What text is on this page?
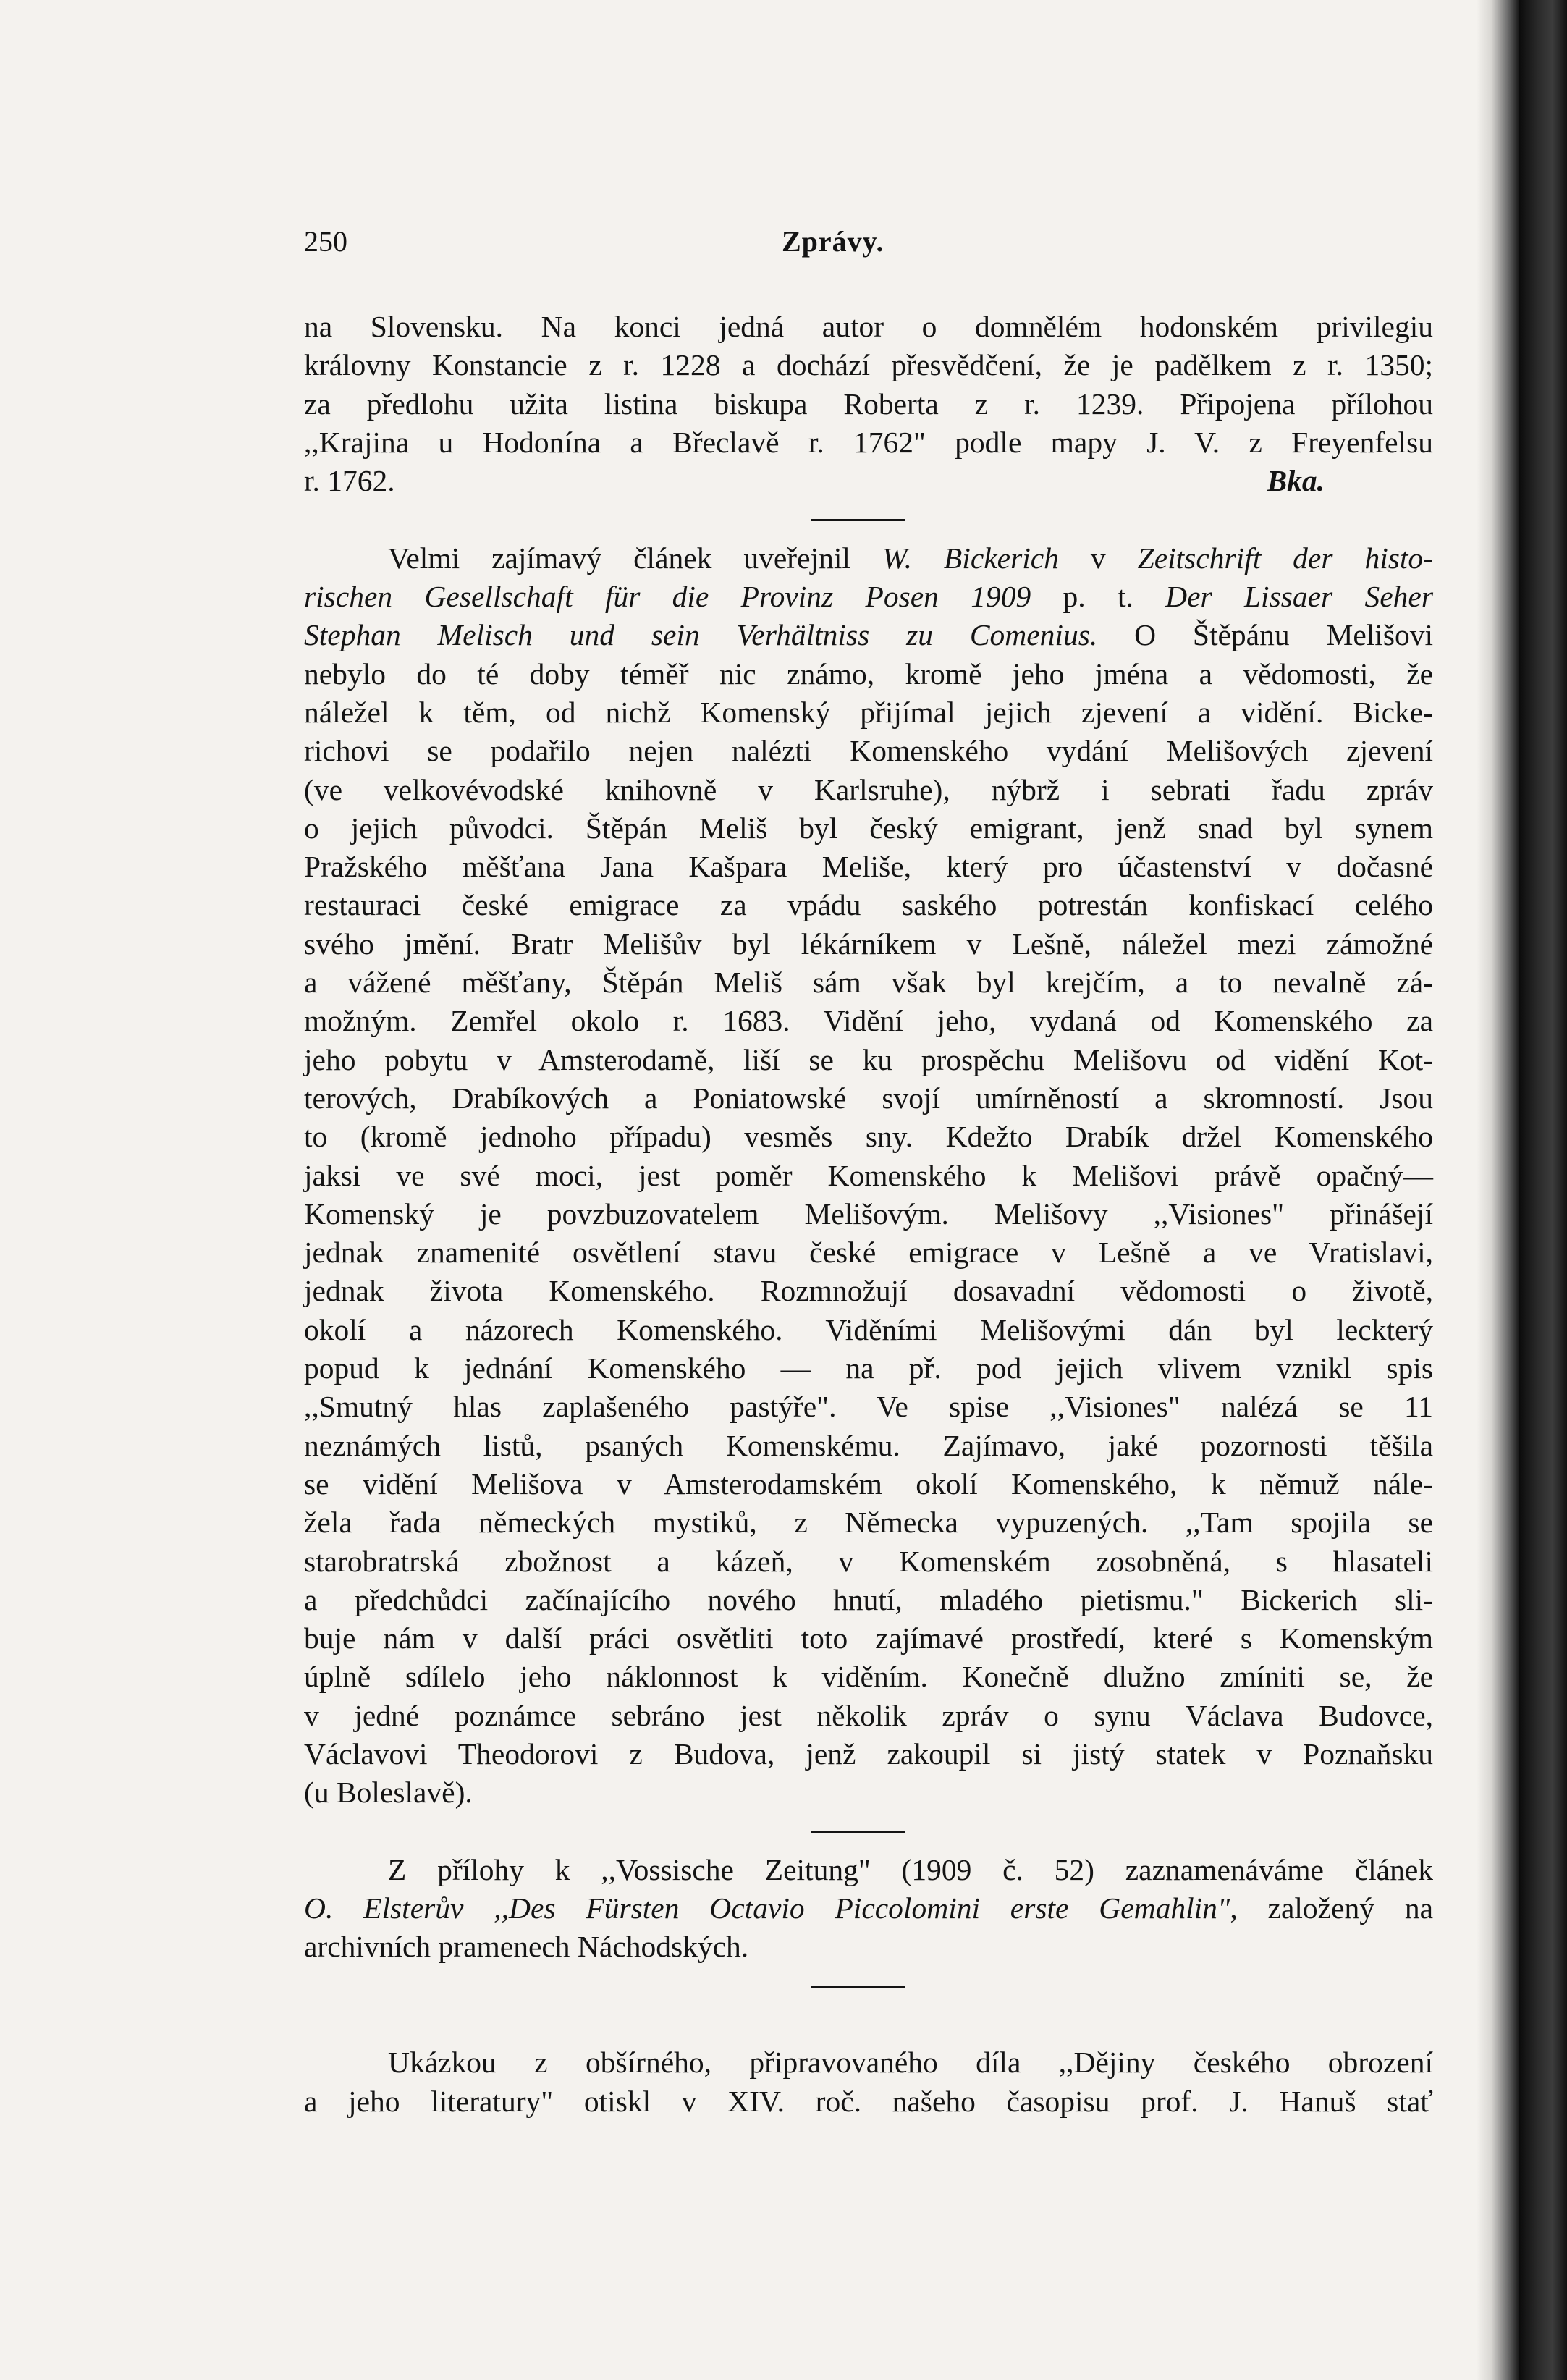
250	Zprávy.
na Slovensku. Na konci jedná autor o domnělém hodonském privilegiu
královny Konstancie z r. 1228 a dochází přesvědčení, že je padělkem z r. 1350;
za předlohu užita listina biskupa Roberta z r. 1239. Připojena přílohou
,,Krajina u Hodonína a Břeclavě r. 1762" podle mapy J. V. z Freyenfelsu
r. 1762.	Bka.
Velmi zajímavý článek uveřejnil W. Bickerich v Zeitschrift der histo-
rischen Gesellschaft für die Provinz Posen 1909 p. t. Der Lissaer Seher
Stephan Melisch und sein Verhältniss zu Comenius. O Štěpánu Melišovi
nebylo do té doby téměř nic známo, kromě jeho jména a vědomosti, že
náležel k těm, od nichž Komenský přijímal jejich zjevení a vidění. Bicke-
richovi se podařilo nejen nalézti Komenského vydání Melišových zjevení
(ve velkovévodské knihovně v Karlsruhe), nýbrž i sebrati řadu zpráv
o jejich původci. Štěpán Meliš byl český emigrant, jenž snad byl synem
Pražského měšťana Jana Kašpara Meliše, který pro účastenství v dočasné
restauraci české emigrace za vpádu saského potrestán konfiskací celého
svého jmění. Bratr Melišův byl lékárníkem v Lešně, náležel mezi zámožné
a vážené měšťany, Štěpán Meliš sám však byl krejčím, a to nevalně zá-
možným. Zemřel okolo r. 1683. Vidění jeho, vydaná od Komenského za
jeho pobytu v Amsterodamě, liší se ku prospěchu Melišovu od vidění Kot-
terových, Drabíkových a Poniatowské svojí umírněností a skromností. Jsou
to (kromě jednoho případu) vesměs sny. Kdežto Drabík držel Komenského
jaksi ve své moci, jest poměr Komenského k Melišovi právě opačný—
Komenský je povzbuzovatelem Melišovým. Melišovy ,,Visiones" přinášejí
jednak znamenité osvětlení stavu české emigrace v Lešně a ve Vratislavi,
jednak života Komenského. Rozmnožují dosavadní vědomosti o životě,
okolí a názorech Komenského. Viděními Melišovými dán byl leckterý
popud k jednání Komenského — na př. pod jejich vlivem vznikl spis
,,Smutný hlas zaplašeného pastýře". Ve spise ,,Visiones" nalézá se 11
neznámých listů, psaných Komenskému. Zajímavo, jaké pozornosti těšila
se vidění Melišova v Amsterodamském okolí Komenského, k němuž nále-
žela řada německých mystiků, z Německa vypuzených. ,,Tam spojila se
starobratrská zbožnost a kázeň, v Komenském zosobněná, s hlasateli
a předchůdci začínajícího nového hnutí, mladého pietismu." Bickerich sli-
buje nám v další práci osvětliti toto zajímavé prostředí, které s Komenským
úplně sdílelo jeho náklonnost k viděním. Konečně dlužno zmíniti se, že
v jedné poznámce sebráno jest několik zpráv o synu Václava Budovce,
Václavovi Theodorovi z Budova, jenž zakoupil si jistý statek v Poznaňsku
(u Boleslavě).
Z přílohy k ,,Vossische Zeitung" (1909 č. 52) zaznamenáváme článek
O. Elsterův ,,Des Fürsten Octavio Piccolomini erste Gemahlin", založený na
archivních pramenech Náchodských.
Ukázkou z obšírného, připravovaného díla ,,Dějiny českého obrození
a jeho literatury" otiskl v XIV. roč. našeho časopisu prof. J. Hanuš stať
